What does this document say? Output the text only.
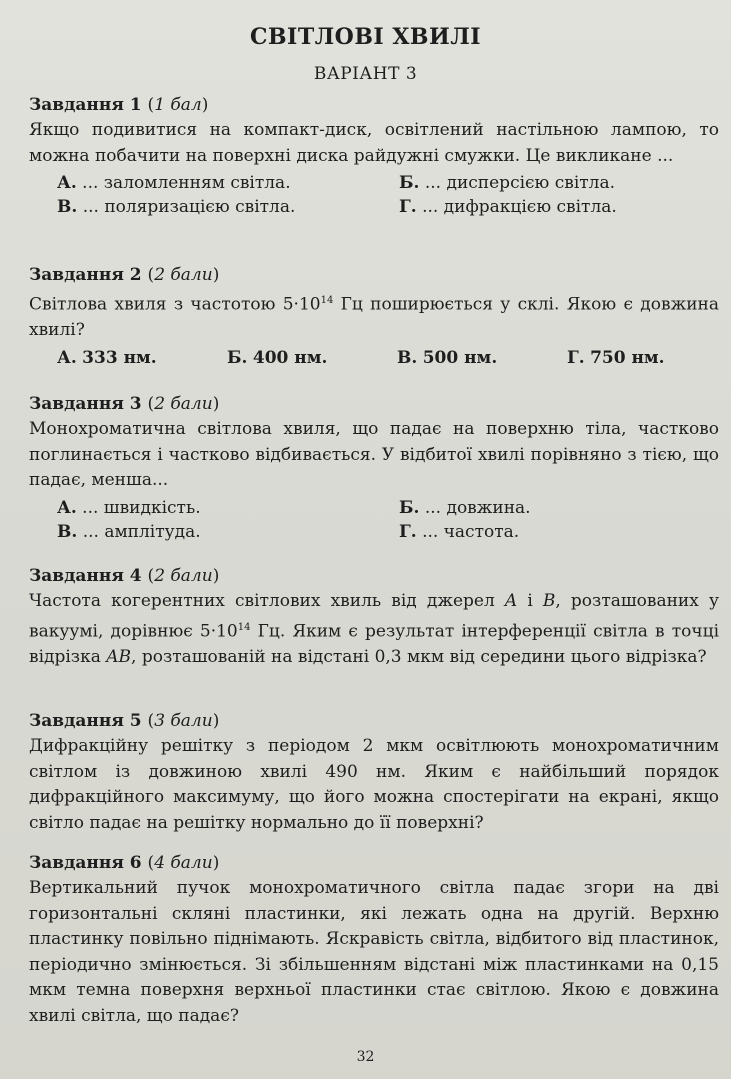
СВІТЛОВІ ХВИЛІ
ВАРІАНТ 3
Завдання 1 (1 бал)
Якщо подивитися на компакт-диск, освітлений настільною лампою, то можна побачити на поверхні диска райдужні смужки. Це викликане ...
А. ... заломленням світла.	Б. ... дисперсією світла.
В. ... поляризацією світла.	Г. ... дифракцією світла.
Завдання 2 (2 бали)
Світлова хвиля з частотою $5\cdot 10^{14}$ Гц поширюється у склі. Якою є довжина хвилі?
А. 333 нм.	Б. 400 нм.	В. 500 нм.	Г. 750 нм.
Завдання 3 (2 бали)
Монохроматична світлова хвиля, що падає на поверхню тіла, частково поглинається і частково відбивається. У відбитої хвилі порівняно з тією, що падає, менша...
А. ... швидкість.	Б. ... довжина.
В. ... амплітуда.	Г. ... частота.
Завдання 4 (2 бали)
Частота когерентних світлових хвиль від джерел A і B, розташованих у вакуумі, дорівнює $5\cdot 10^{14}$ Гц. Яким є результат інтерференції світла в точці відрізка AB, розташованій на відстані 0,3 мкм від середини цього відрізка?
Завдання 5 (3 бали)
Дифракційну решітку з періодом 2 мкм освітлюють монохроматичним світлом із довжиною хвилі 490 нм. Яким є найбільший порядок дифракційного максимуму, що його можна спостерігати на екрані, якщо світло падає на решітку нормально до її поверхні?
Завдання 6 (4 бали)
Вертикальний пучок монохроматичного світла падає згори на дві горизонтальні скляні пластинки, які лежать одна на другій. Верхню пластинку повільно піднімають. Яскравість світла, відбитого від пластинок, періодично змінюється. Зі збільшенням відстані між пластинками на 0,15 мкм темна поверхня верхньої пластинки стає світлою. Якою є довжина хвилі світла, що падає?
32
